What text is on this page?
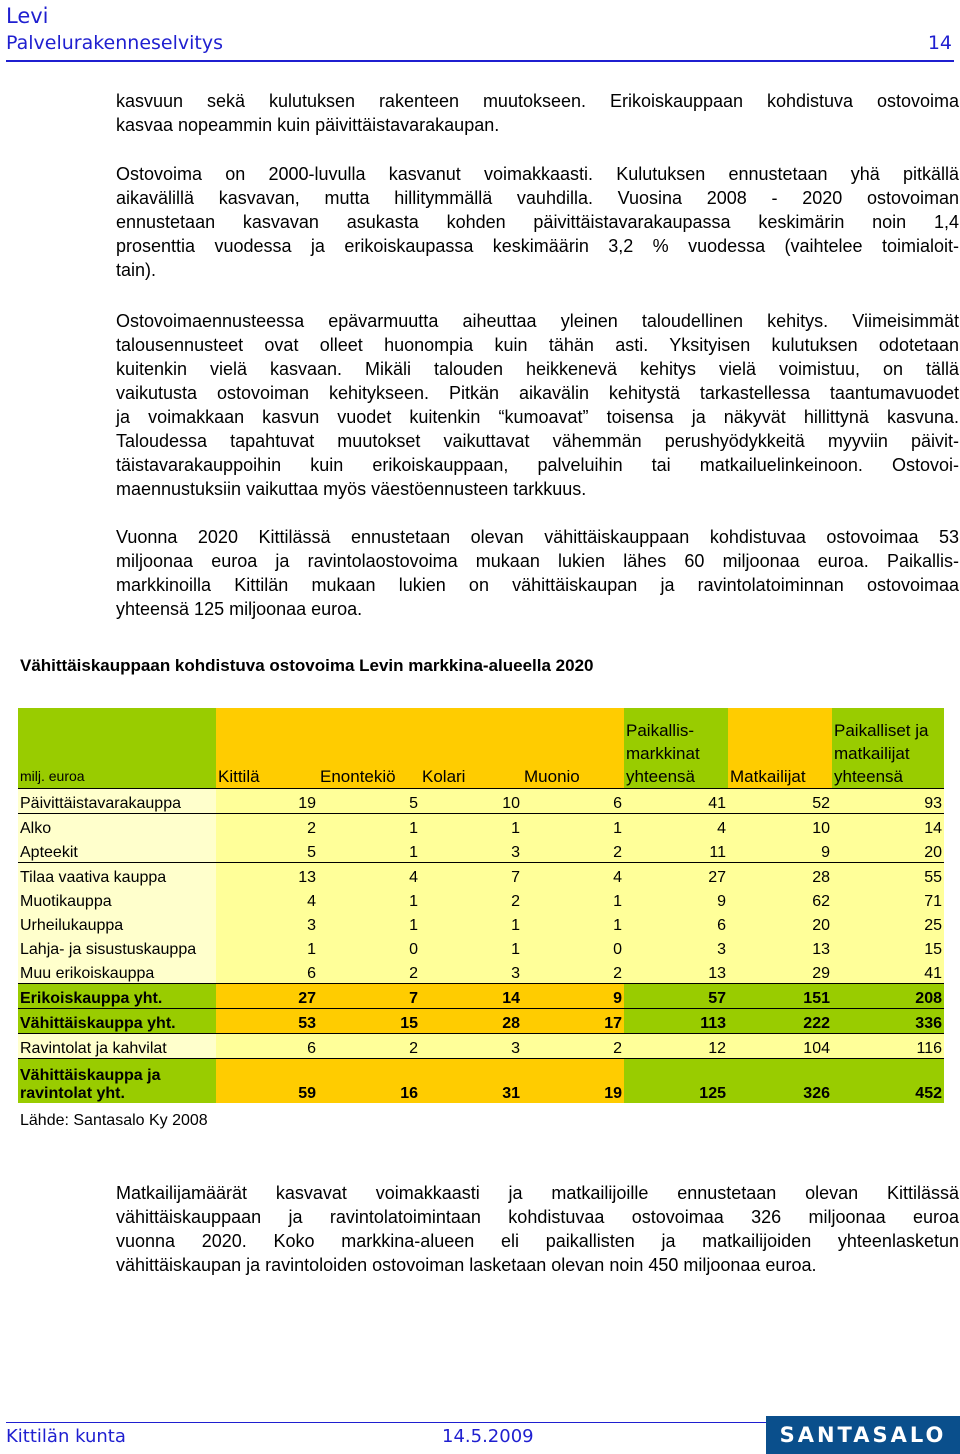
Levi
Palvelurakenneselvitys	14
kasvuun sekä kulutuksen rakenteen muutokseen. Erikoiskauppaan kohdistuva ostovoima
kasvaa nopeammin kuin päivittäistavarakaupan.
Ostovoima on 2000-luvulla kasvanut voimakkaasti. Kulutuksen ennustetaan yhä pitkällä
aikavälillä kasvavan, mutta hillitymmällä vauhdilla. Vuosina 2008 - 2020 ostovoiman
ennustetaan kasvavan asukasta kohden päivittäistavarakaupassa keskimärin noin 1,4
prosenttia vuodessa ja erikoiskaupassa keskimäärin 3,2 % vuodessa (vaihtelee toimialoit-
tain).
Ostovoimaennusteessa epävarmuutta aiheuttaa yleinen taloudellinen kehitys. Viimeisimmät
talousennusteet ovat olleet huonompia kuin tähän asti. Yksityisen kulutuksen odotetaan
kuitenkin vielä kasvaan. Mikäli talouden heikkenevä kehitys vielä voimistuu, on tällä
vaikutusta ostovoiman kehitykseen. Pitkän aikavälin kehitystä tarkastellessa taantumavuodet
ja voimakkaan kasvun vuodet kuitenkin “kumoavat” toisensa ja näkyvät hillittynä kasvuna.
Taloudessa tapahtuvat muutokset vaikuttavat vähemmän perushyödykkeitä myyviin päivit-
täistavarakauppoihin kuin erikoiskauppaan, palveluihin tai matkailuelinkeinoon. Ostovoi-
maennustuksiin vaikuttaa myös väestöennusteen tarkkuus.
Vuonna 2020 Kittilässä ennustetaan olevan vähittäiskauppaan kohdistuvaa ostovoimaa 53
miljoonaa euroa ja ravintolaostovoima mukaan lukien lähes 60 miljoonaa euroa. Paikallis-
markkinoilla Kittilän mukaan lukien on vähittäiskaupan ja ravintolatoiminnan ostovoimaa
yhteensä 125 miljoonaa euroa.
Vähittäiskauppaan kohdistuva ostovoima Levin markkina-alueella 2020
milj. euroa	Kittilä	Enontekiö	Kolari	Muonio	Paikallis-markkinat yhteensä	Matkailijat	Paikalliset ja matkailijat yhteensä
Päivittäistavarakauppa	19	5	10	6	41	52	93
Alko	2	1	1	1	4	10	14
Apteekit	5	1	3	2	11	9	20
Tilaa vaativa kauppa	13	4	7	4	27	28	55
Muotikauppa	4	1	2	1	9	62	71
Urheilukauppa	3	1	1	1	6	20	25
Lahja- ja sisustuskauppa	1	0	1	0	3	13	15
Muu erikoiskauppa	6	2	3	2	13	29	41
Erikoiskauppa yht.	27	7	14	9	57	151	208
Vähittäiskauppa yht.	53	15	28	17	113	222	336
Ravintolat ja kahvilat	6	2	3	2	12	104	116
Vähittäiskauppa ja ravintolat yht.	59	16	31	19	125	326	452
Lähde: Santasalo Ky 2008
Matkailijamäärät kasvavat voimakkaasti ja matkailijoille ennustetaan olevan Kittilässä
vähittäiskauppaan ja ravintolatoimintaan kohdistuvaa ostovoimaa 326 miljoonaa euroa
vuonna 2020. Koko markkina-alueen eli paikallisten ja matkailijoiden yhteenlasketun
vähittäiskaupan ja ravintoloiden ostovoiman lasketaan olevan noin 450 miljoonaa euroa.
Kittilän kunta	14.5.2009	SANTASALO
